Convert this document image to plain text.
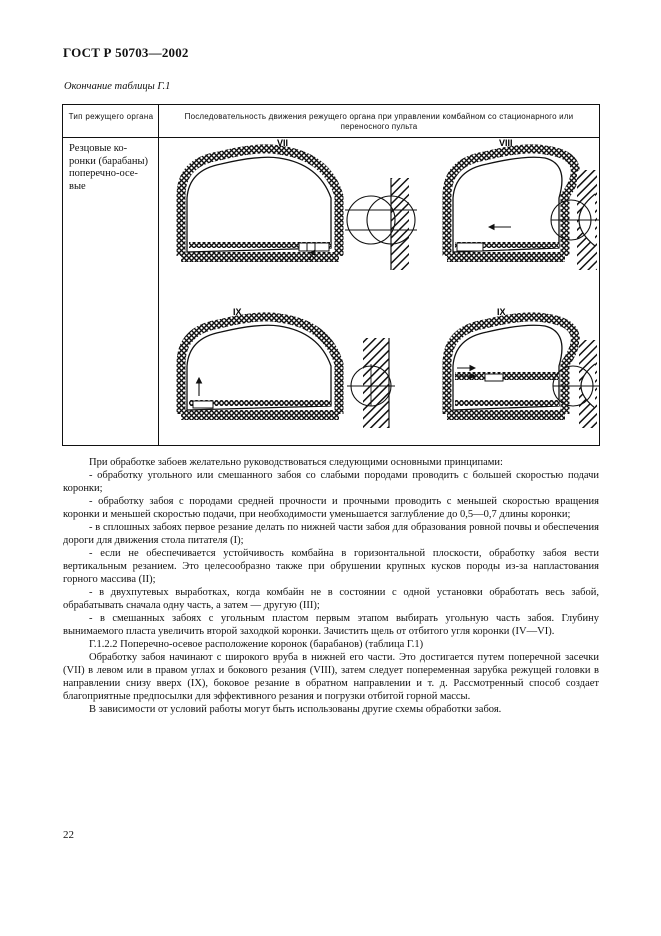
ГОСТ Р 50703—2002
Окончание таблицы Г.1
Тип режущего органа	Последовательность движения режущего органа при управлении комбайном со стационарного или переносного пульта
Резцовые ко-
ронки (барабаны)
поперечно-осе-
вые
VII	VIII
IX	IX

При обработке забоев желательно руководствоваться следующими основными принципами:

- обработку угольного или смешанного забоя со слабыми породами проводить с большей скоростью подачи коронки;

- обработку забоя с породами средней прочности и прочными проводить с меньшей скоростью вращения коронки и меньшей скоростью подачи, при необходимости уменьшается заглубление до 0,5—0,7 длины коронки;

- в сплошных забоях первое резание делать по нижней части забоя для образования ровной почвы и обеспечения дороги для движения стола питателя (I);

- если не обеспечивается устойчивость комбайна в горизонтальной плоскости, обработку забоя вести вертикальным резанием. Это целесообразно также при обрушении крупных кусков породы из-за напластования горного массива (II);

- в двухпутевых выработках, когда комбайн не в состоянии с одной установки обработать весь забой, обрабатывать сначала одну часть, а затем — другую (III);

- в смешанных забоях с угольным пластом первым этапом выбирать угольную часть забоя. Глубину вынимаемого пласта увеличить второй заходкой коронки. Зачистить щель от отбитого угля коронки (IV—VI).

Г.1.2.2 Поперечно-осевое расположение коронок (барабанов) (таблица Г.1)

Обработку забоя начинают с широкого вруба в нижней его части. Это достигается путем поперечной засечки (VII) в левом или в правом углах и бокового резания (VIII), затем следует попеременная зарубка режущей головки в направлении снизу вверх (IX), боковое резание в обратном направлении и т. д. Рассмотренный способ создает благоприятные предпосылки для эффективного резания и погрузки отбитой горной массы.

В зависимости от условий работы могут быть использованы другие схемы обработки забоя.

22
